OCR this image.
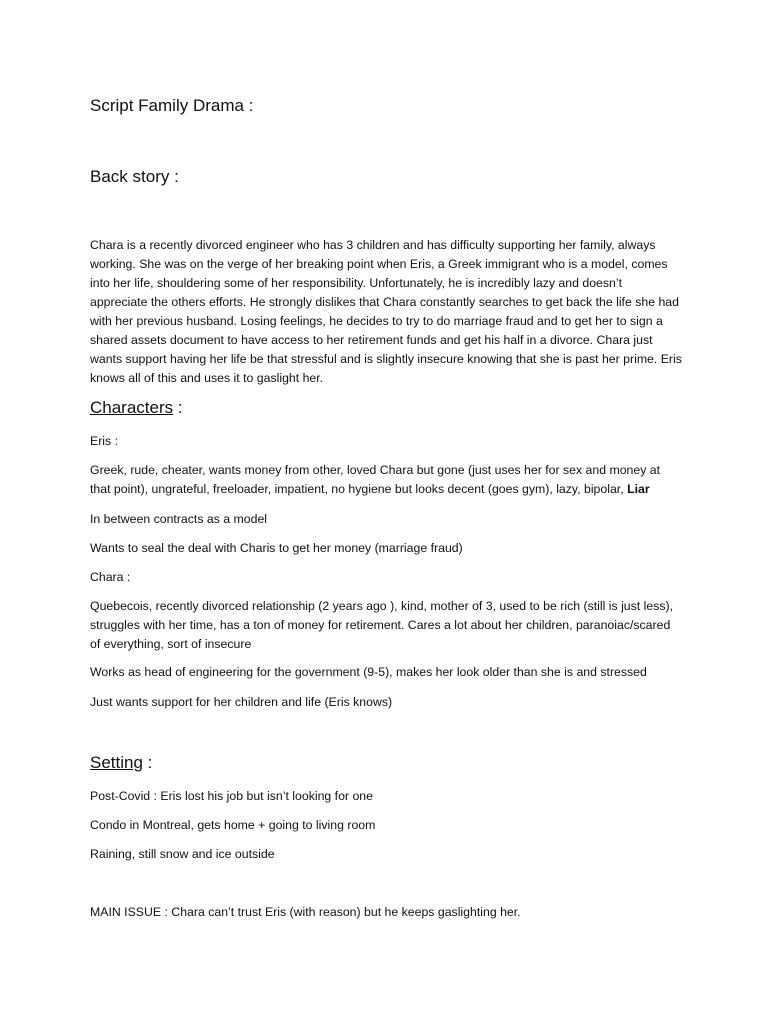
Script Family Drama :
Back story :

Chara is a recently divorced engineer who has 3 children and has difficulty supporting her family, always working. She was on the verge of her breaking point when Eris, a Greek immigrant who is a model, comes into her life, shouldering some of her responsibility. Unfortunately, he is incredibly lazy and doesn’t appreciate the others efforts. He strongly dislikes that Chara constantly searches to get back the life she had with her previous husband. Losing feelings, he decides to try to do marriage fraud and to get her to sign a shared assets document to have access to her retirement funds and get his half in a divorce. Chara just wants support having her life be that stressful and is slightly insecure knowing that she is past her prime. Eris knows all of this and uses it to gaslight her.

Characters :

Eris :

Greek, rude, cheater, wants money from other, loved Chara but gone (just uses her for sex and money at that point), ungrateful, freeloader, impatient, no hygiene but looks decent (goes gym), lazy, bipolar, Liar

In between contracts as a model

Wants to seal the deal with Charis to get her money (marriage fraud)

Chara :

Quebecois, recently divorced relationship (2 years ago ), kind, mother of 3, used to be rich (still is just less), struggles with her time, has a ton of money for retirement. Cares a lot about her children, paranoiac/scared of everything, sort of insecure

Works as head of engineering for the government (9-5), makes her look older than she is and stressed

Just wants support for her children and life (Eris knows)

Setting :

Post-Covid : Eris lost his job but isn’t looking for one

Condo in Montreal, gets home + going to living room

Raining, still snow and ice outside

MAIN ISSUE : Chara can’t trust Eris (with reason) but he keeps gaslighting her.
